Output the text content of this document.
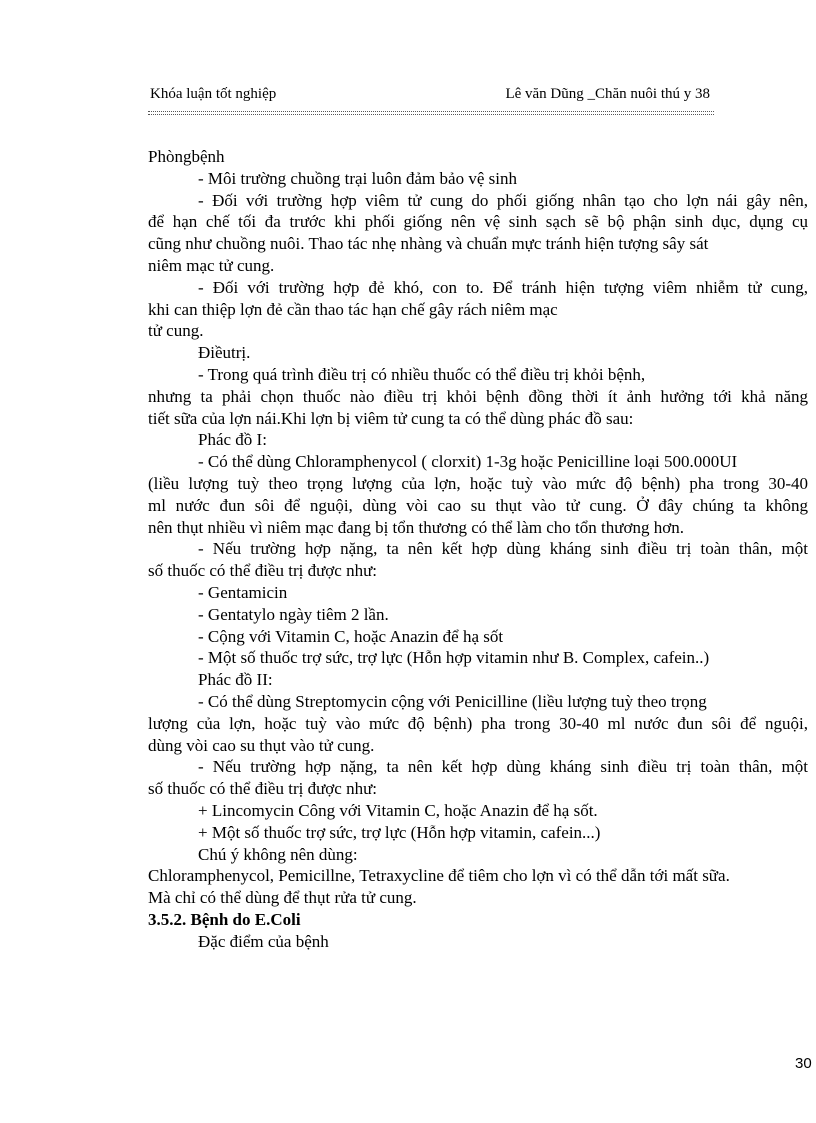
Khóa luận tốt nghiệp	Lê văn Dũng _Chăn nuôi thú y 38
Phòngbệnh
- Môi trường chuồng trại luôn đảm bảo vệ sinh
- Đối với trường hợp viêm tử cung do phối giống nhân tạo cho lợn nái gây nên,
để hạn chế tối đa trước khi phối giống nên vệ sinh sạch sẽ bộ phận sinh dục, dụng cụ
cũng như chuồng nuôi. Thao tác nhẹ nhàng và chuẩn mực tránh hiện tượng sây sát
niêm mạc tử cung.
- Đối với trường hợp đẻ khó, con to. Để tránh hiện tượng viêm nhiễm tử cung,
khi can thiệp lợn đẻ cần thao tác hạn chế gây rách niêm mạc
tử cung.
Điềutrị.
- Trong quá trình điều trị có nhiều thuốc có thể điều trị khỏi bệnh,
nhưng ta phải chọn thuốc nào điều trị khỏi bệnh đồng thời ít ảnh hưởng tới khả năng
tiết sữa của lợn nái.Khi lợn bị viêm tử cung ta có thể dùng phác đồ sau:
Phác đồ I:
- Có thể dùng Chloramphenycol ( clorxit) 1-3g hoặc Penicilline loại 500.000UI
(liều lượng tuỳ theo trọng lượng của lợn, hoặc tuỳ vào mức độ bệnh) pha trong 30-40
ml nước đun sôi để nguội, dùng vòi cao su thụt vào tử cung. Ở đây chúng ta không
nên thụt nhiều vì niêm mạc đang bị tổn thương có thể làm cho tổn thương hơn.
- Nếu trường hợp nặng, ta nên kết hợp dùng kháng sinh điều trị toàn thân, một
số thuốc có thể điều trị được như:
- Gentamicin
- Gentatylo ngày tiêm 2 lần.
- Cộng với Vitamin C, hoặc Anazin để hạ sốt
- Một số thuốc trợ sức, trợ lực (Hỗn hợp vitamin như B. Complex, cafein..)
Phác đồ II:
- Có thể dùng Streptomycin cộng với Penicilline (liều lượng tuỳ theo trọng
lượng của lợn, hoặc tuỳ vào mức độ bệnh) pha trong 30-40 ml nước đun sôi để nguội,
dùng vòi cao su thụt vào tử cung.
- Nếu trường hợp nặng, ta nên kết hợp dùng kháng sinh điều trị toàn thân, một
số thuốc có thể điều trị được như:
+ Lincomycin Công với Vitamin C, hoặc Anazin để hạ sốt.
+ Một số thuốc trợ sức, trợ lực (Hỗn hợp vitamin, cafein...)
Chú ý không nên dùng:
Chloramphenycol, Pemicillne, Tetraxycline để tiêm cho lợn vì có thể dẫn tới mất sữa.
Mà chỉ có thể dùng để thụt rửa tử cung.
3.5.2. Bệnh do E.Coli
Đặc điểm của bệnh
30
